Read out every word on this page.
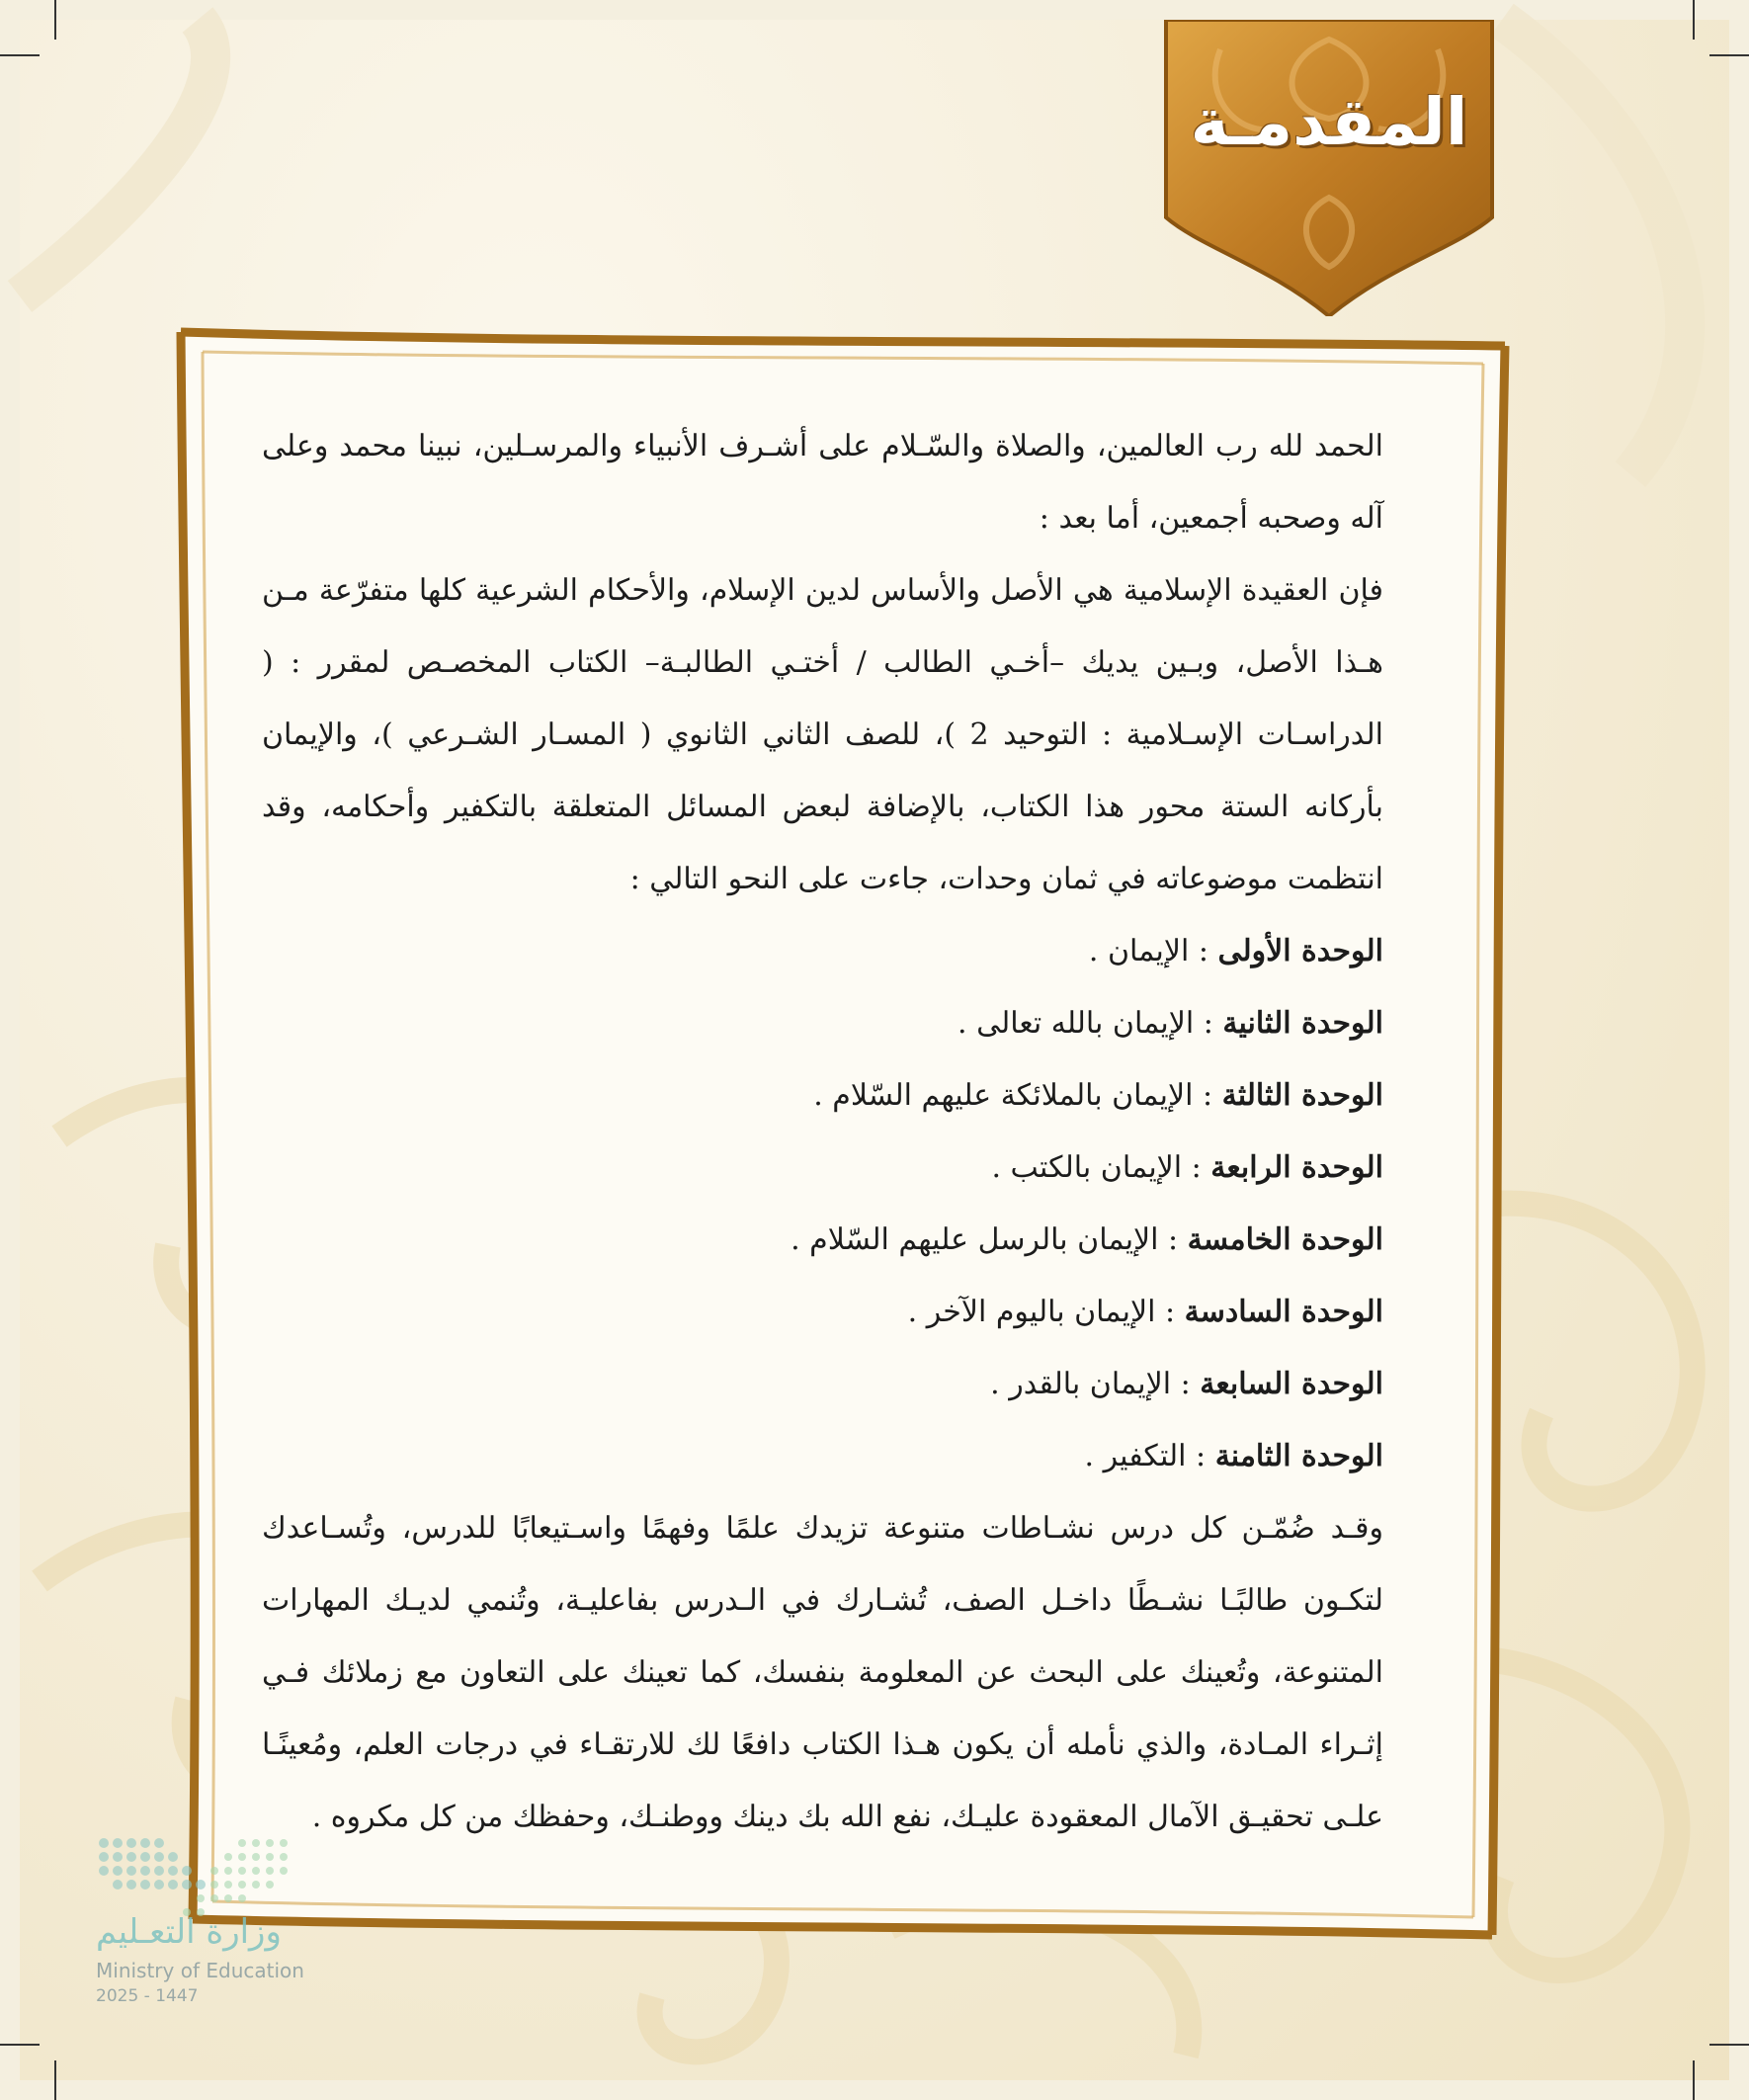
المقدمـة

الحمد لله رب العالمين، والصلاة والسّـلام على أشـرف الأنبياء والمرسـلين، نبينا محمد وعلى آله وصحبه أجمعين، أما بعد :

فإن العقيدة الإسلامية هي الأصل والأساس لدين الإسلام، والأحكام الشرعية كلها متفرّعة مـن هـذا الأصل، وبـين يديك –أخـي الطالب / أختـي الطالبـة– الكتاب المخصـص لمقرر : ( الدراسـات الإسـلامية : التوحيد 2 )، للصف الثاني الثانوي ( المسـار الشـرعي )، والإيمان بأركانه الستة محور هذا الكتاب، بالإضافة لبعض المسائل المتعلقة بالتكفير وأحكامه، وقد انتظمت موضوعاته في ثمان وحدات، جاءت على النحو التالي :

الوحدة الأولى : الإيمان .
الوحدة الثانية : الإيمان بالله تعالى .
الوحدة الثالثة : الإيمان بالملائكة عليهم السّلام .
الوحدة الرابعة : الإيمان بالكتب .
الوحدة الخامسة : الإيمان بالرسل عليهم السّلام .
الوحدة السادسة : الإيمان باليوم الآخر .
الوحدة السابعة : الإيمان بالقدر .
الوحدة الثامنة : التكفير .

وقـد ضُمّـن كل درس نشـاطات متنوعة تزيدك علمًا وفهمًا واسـتيعابًا للدرس، وتُسـاعدك لتكـون طالبًـا نشـطًا داخـل الصف، تُشـارك في الـدرس بفاعليـة، وتُنمي لديـك المهارات المتنوعة، وتُعينك على البحث عن المعلومة بنفسك، كما تعينك على التعاون مع زملائك فـي إثـراء المـادة، والذي نأمله أن يكون هـذا الكتاب دافعًا لك للارتقـاء في درجات العلم، ومُعينًـا علـى تحقيـق الآمال المعقودة عليـك، نفع الله بك دينك ووطنـك، وحفظك من كل مكروه .

وزارة التعـليم
Ministry of Education
2025 - 1447
